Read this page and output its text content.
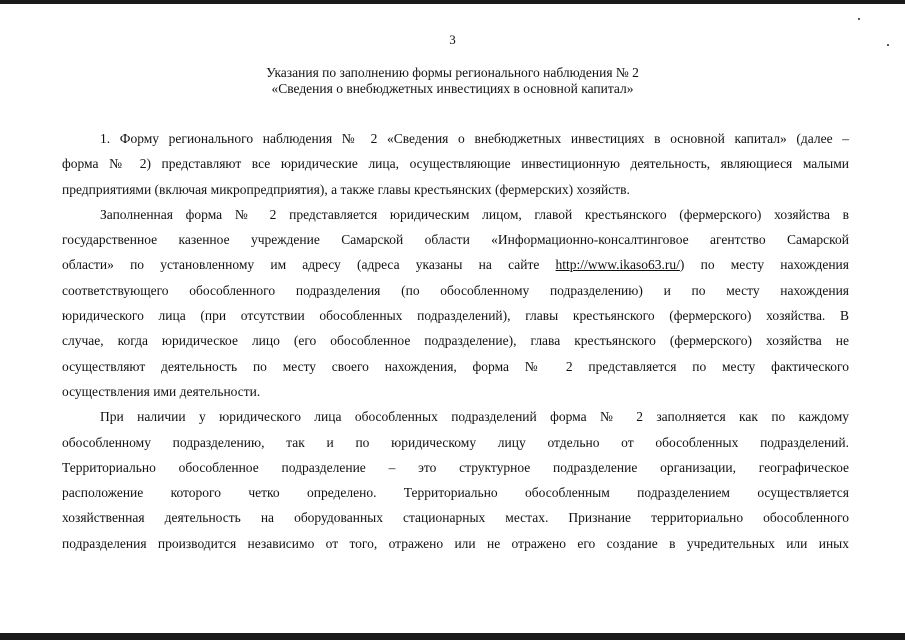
3
Указания по заполнению формы регионального наблюдения № 2
«Сведения о внебюджетных инвестициях в основной капитал»
1. Форму регионального наблюдения № 2 «Сведения о внебюджетных инвестициях в основной капитал» (далее –
форма № 2) представляют все юридические лица, осуществляющие инвестиционную деятельность, являющиеся малыми
предприятиями (включая микропредприятия), а также главы крестьянских (фермерских) хозяйств.
Заполненная форма № 2 представляется юридическим лицом, главой крестьянского (фермерского) хозяйства в
государственное казенное учреждение Самарской области «Информационно-консалтинговое агентство Самарской
области» по установленному им адресу (адреса указаны на сайте http://www.ikaso63.ru/) по месту нахождения
соответствующего обособленного подразделения (по обособленному подразделению) и по месту нахождения
юридического лица (при отсутствии обособленных подразделений), главы крестьянского (фермерского) хозяйства. В
случае, когда юридическое лицо (его обособленное подразделение), глава крестьянского (фермерского) хозяйства не
осуществляют деятельность по месту своего нахождения, форма № 2 представляется по месту фактического
осуществления ими деятельности.
При наличии у юридического лица обособленных подразделений форма № 2 заполняется как по каждому
обособленному подразделению, так и по юридическому лицу отдельно от обособленных подразделений.
Территориально обособленное подразделение – это структурное подразделение организации, географическое
расположение которого четко определено. Территориально обособленным подразделением осуществляется
хозяйственная деятельность на оборудованных стационарных местах. Признание территориально обособленного
подразделения производится независимо от того, отражено или не отражено его создание в учредительных или иных
